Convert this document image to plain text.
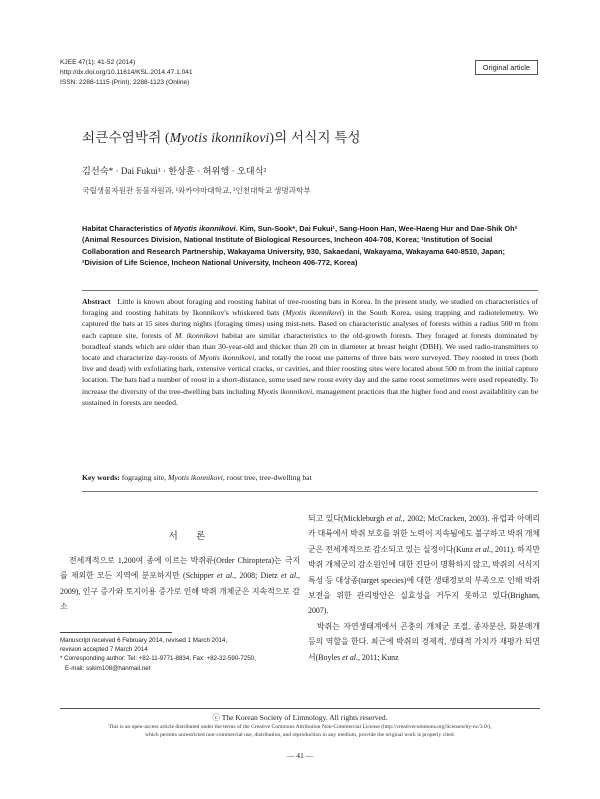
KJEE 47(1): 41-52 (2014)
http://dx.doi.org/10.11614/KSL.2014.47.1.041
ISSN: 2288-1115 (Print), 2288-1123 (Online)
Original article
쇠큰수염박쥐 (Myotis ikonnikovi)의 서식지 특성
김선숙* · Dai Fukui¹ · 한상훈 · 허위행 · 오대식²
국립생물자원관 동물자원과, ¹와카야마대학교, ²인천대학교 생명과학부
Habitat Characteristics of Myotis ikonnikovi. Kim, Sun-Sook*, Dai Fukui¹, Sang-Hoon Han, Wee-Haeng Hur and Dae-Shik Oh² (Animal Resources Division, National Institute of Biological Resources, Incheon 404-708, Korea; ¹Institution of Social Collaboration and Research Partnership, Wakayama University, 930, Sakaedani, Wakayama, Wakayama 640-8510, Japan; ²Division of Life Science, Incheon National University, Incheon 406-772, Korea)
Abstract Little is known about foraging and roosting habitat of tree-roosting bats in Korea. In the present study, we studied on characteristics of foraging and roosting habitats by Ikonnikov's whiskered bats (Myotis ikonnikovi) in the South Korea, using trapping and radiotelemetry. We captured the bats at 15 sites during nights (foraging times) using mist-nets. Based on characteristic analyses of forests within a radius 500 m from each capture site, forests of M. ikonnikovi habitat are similar characteristics to the old-growth forests. They foraged at forests dominated by boradleaf stands which are older than than 30-year-old and thicker than 20 cm in diameter at breast height (DBH). We used radio-transmitters to locate and characterize day-roosts of Myotis ikonnikovi, and totally the roost use patterns of three bats were surveyed. They roosted in trees (both live and dead) with exfoliating bark, extensive vertical cracks, or cavities, and thier roosting sites were located about 500 m from the initial capture location. The bats had a number of roost in a short-distance, some used new roost every day and the same roost sometimes were used repeatedly. To increase the diversity of the tree-dwelling bats including Myotis ikonnikovi, management practices that the higher food and roost availablitity can be sustained in forests are needed.
Key words: fograging site, Myotis ikonnikovi, roost tree, tree-dwelling bat
서 론

전세계적으로 1,200여 종에 이르는 박쥐류(Order Chiroptera)는 극지를 제외한 모든 지역에 분포하지만 (Schipper et al., 2008; Dietz et al., 2009), 인구 증가와 토지이용 증가로 인해 박쥐 개체군은 지속적으로 감소

되고 있다(Mickleburgh et al., 2002; McCracken, 2003). 유럽과 아메리카 대륙에서 박쥐 보호를 위한 노력이 지속됨에도 불구하고 박쥐 개체군은 전세계적으로 감소되고 있는 실정이다(Kunz et al., 2011). 하지만 박쥐 개체군의 감소원인에 대한 진단이 명확하지 않고, 박쥐의 서식지 특성 등 대상종(target species)에 대한 생태정보의 부족으로 인해 박쥐보전을 위한 관리방안은 실효성을 거두지 못하고 있다(Brigham, 2007).

박쥐는 자연생태계에서 곤충의 개체군 조절, 종자분산, 화분매개 등의 역할을 한다. 최근에 박쥐의 경제적, 생태적 가치가 재평가 되면서(Boyles et al., 2011; Kunz

Manuscript received 6 February 2014, revised 1 March 2014,
revision accepted 7 March 2014
* Corresponding author: Tel: +82-11-9771-8834, Fax: +82-32-590-7250,
E-mail: sskim108@hanmail.net
ⓒ The Korean Society of Limnology. All rights reserved.
This is an open-access article distributed under the terms of the Creative Commons Attribution Non-Commercial License (http://creativecommons.org/licenses/by-nc/3.0/),
which permits unrestricted non-commercial use, distribution, and reproduction in any medium, provide the original work is properly cited.
— 41 —
